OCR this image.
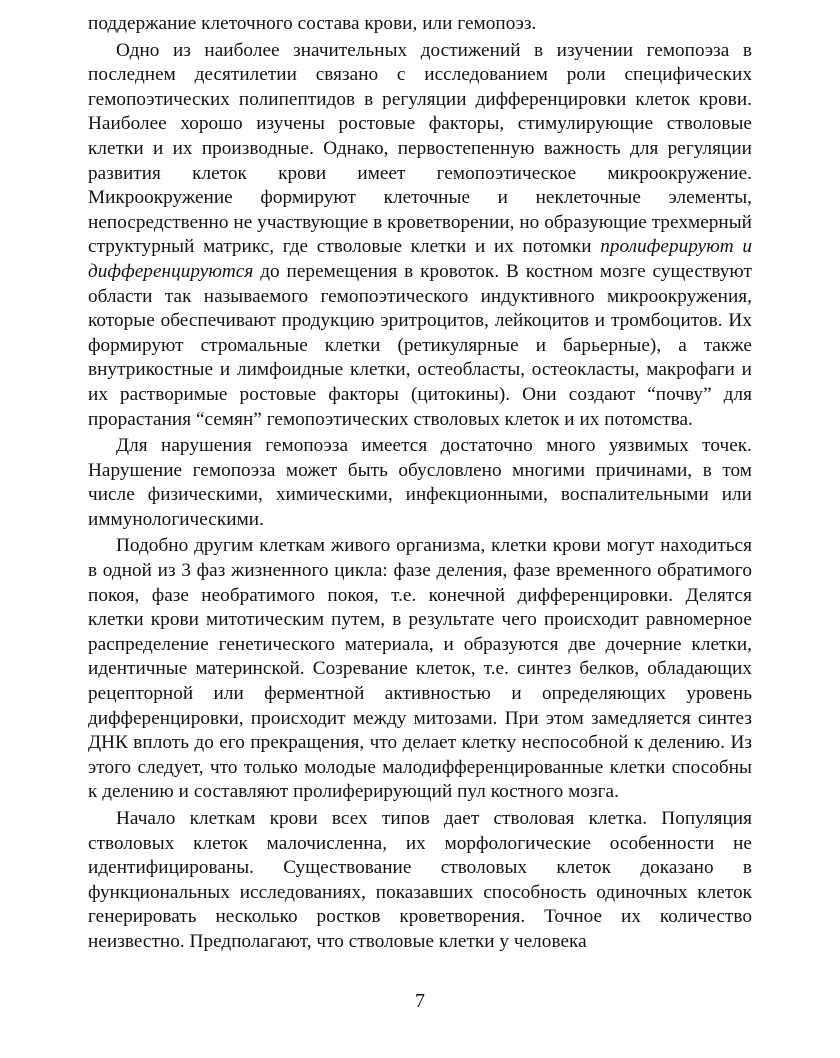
поддержание клеточного состава крови, или гемопоэз.

Одно из наиболее значительных достижений в изучении гемопоэза в последнем десятилетии связано с исследованием роли специфических гемопоэтических полипептидов в регуляции дифференцировки клеток крови. Наиболее хорошо изучены ростовые факторы, стимулирующие стволовые клетки и их производные. Однако, первостепенную важность для регуляции развития клеток крови имеет гемопоэтическое микроокружение. Микроокружение формируют клеточные и неклеточные элементы, непосредственно не участвующие в кроветворении, но образующие трехмерный структурный матрикс, где стволовые клетки и их потомки пролиферируют и дифференцируются до перемещения в кровоток. В костном мозге существуют области так называемого гемопоэтического индуктивного микроокружения, которые обеспечивают продукцию эритроцитов, лейкоцитов и тромбоцитов. Их формируют стромальные клетки (ретикулярные и барьерные), а также внутрикостные и лимфоидные клетки, остеобласты, остеокласты, макрофаги и их растворимые ростовые факторы (цитокины). Они создают “почву” для прорастания “семян” гемопоэтических стволовых клеток и их потомства.

Для нарушения гемопоэза имеется достаточно много уязвимых точек. Нарушение гемопоэза может быть обусловлено многими причинами, в том числе физическими, химическими, инфекционными, воспалительными или иммунологическими.

Подобно другим клеткам живого организма, клетки крови могут находиться в одной из 3 фаз жизненного цикла: фазе деления, фазе временного обратимого покоя, фазе необратимого покоя, т.е. конечной дифференцировки. Делятся клетки крови митотическим путем, в результате чего происходит равномерное распределение генетического материала, и образуются две дочерние клетки, идентичные материнской. Созревание клеток, т.е. синтез белков, обладающих рецепторной или ферментной активностью и определяющих уровень дифференцировки, происходит между митозами. При этом замедляется синтез ДНК вплоть до его прекращения, что делает клетку неспособной к делению. Из этого следует, что только молодые малодифференцированные клетки способны к делению и составляют пролиферирующий пул костного мозга.

Начало клеткам крови всех типов дает стволовая клетка. Популяция стволовых клеток малочисленна, их морфологические особенности не идентифицированы. Существование стволовых клеток доказано в функциональных исследованиях, показавших способность одиночных клеток генерировать несколько ростков кроветворения. Точное их количество неизвестно. Предполагают, что стволовые клетки у человека

7
